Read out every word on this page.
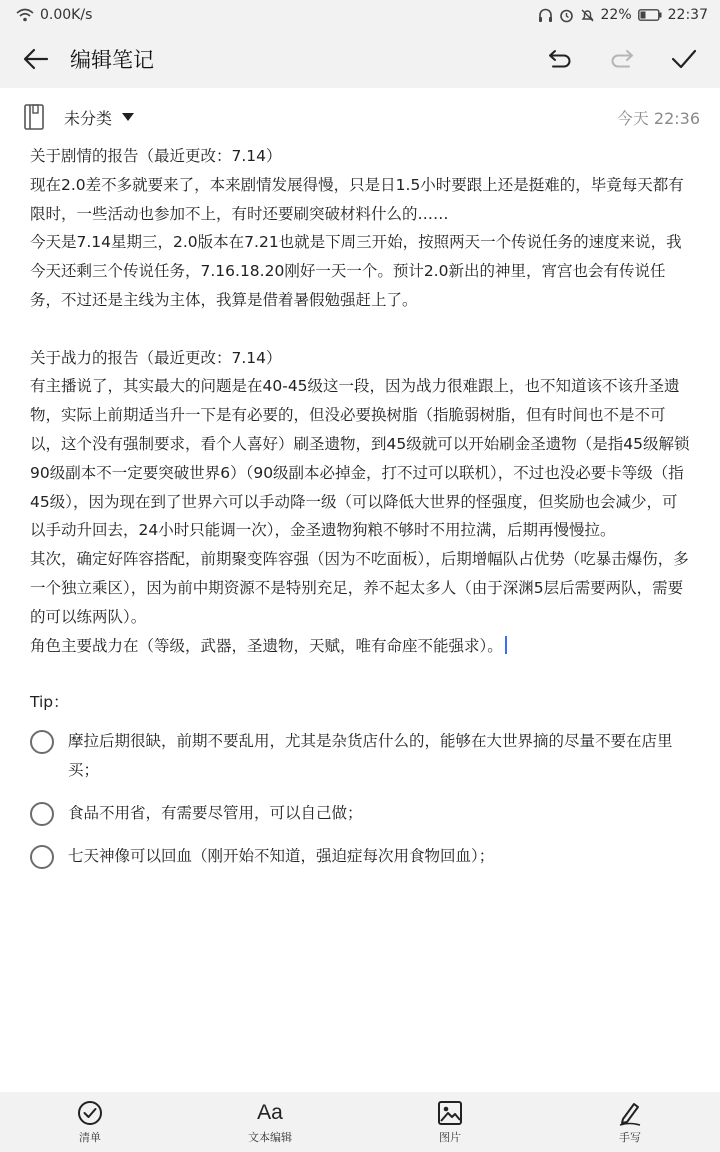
0.00K/s	22%	22:37
编辑笔记
未分类	今天 22:36

关于剧情的报告（最近更改：7.14）

现在2.0差不多就要来了，本来剧情发展得慢，只是日1.5小时要跟上还是挺难的，毕竟每天都有限时，一些活动也参加不上，有时还要刷突破材料什么的……

今天是7.14星期三，2.0版本在7.21也就是下周三开始，按照两天一个传说任务的速度来说，我今天还剩三个传说任务，7.16.18.20刚好一天一个。预计2.0新出的神里，宵宫也会有传说任务，不过还是主线为主体，我算是借着暑假勉强赶上了。

关于战力的报告（最近更改：7.14）

有主播说了，其实最大的问题是在40-45级这一段，因为战力很难跟上，也不知道该不该升圣遗物，实际上前期适当升一下是有必要的，但没必要换树脂（指脆弱树脂，但有时间也不是不可以，这个没有强制要求，看个人喜好）刷圣遗物，到45级就可以开始刷金圣遗物（是指45级解锁90级副本不一定要突破世界6）（90级副本必掉金，打不过可以联机），不过也没必要卡等级（指45级），因为现在到了世界六可以手动降一级（可以降低大世界的怪强度，但奖励也会减少，可以手动升回去，24小时只能调一次），金圣遗物狗粮不够时不用拉满，后期再慢慢拉。

其次，确定好阵容搭配，前期聚变阵容强（因为不吃面板），后期增幅队占优势（吃暴击爆伤，多一个独立乘区），因为前中期资源不是特别充足，养不起太多人（由于深渊5层后需要两队，需要的可以练两队）。

角色主要战力在（等级，武器，圣遗物，天赋，唯有命座不能强求）。

Tip：

摩拉后期很缺，前期不要乱用，尤其是杂货店什么的，能够在大世界摘的尽量不要在店里买；
食品不用省，有需要尽管用，可以自己做；
七天神像可以回血（刚开始不知道，强迫症每次用食物回血）；
清单
Aa
文本编辑	图片	手写
